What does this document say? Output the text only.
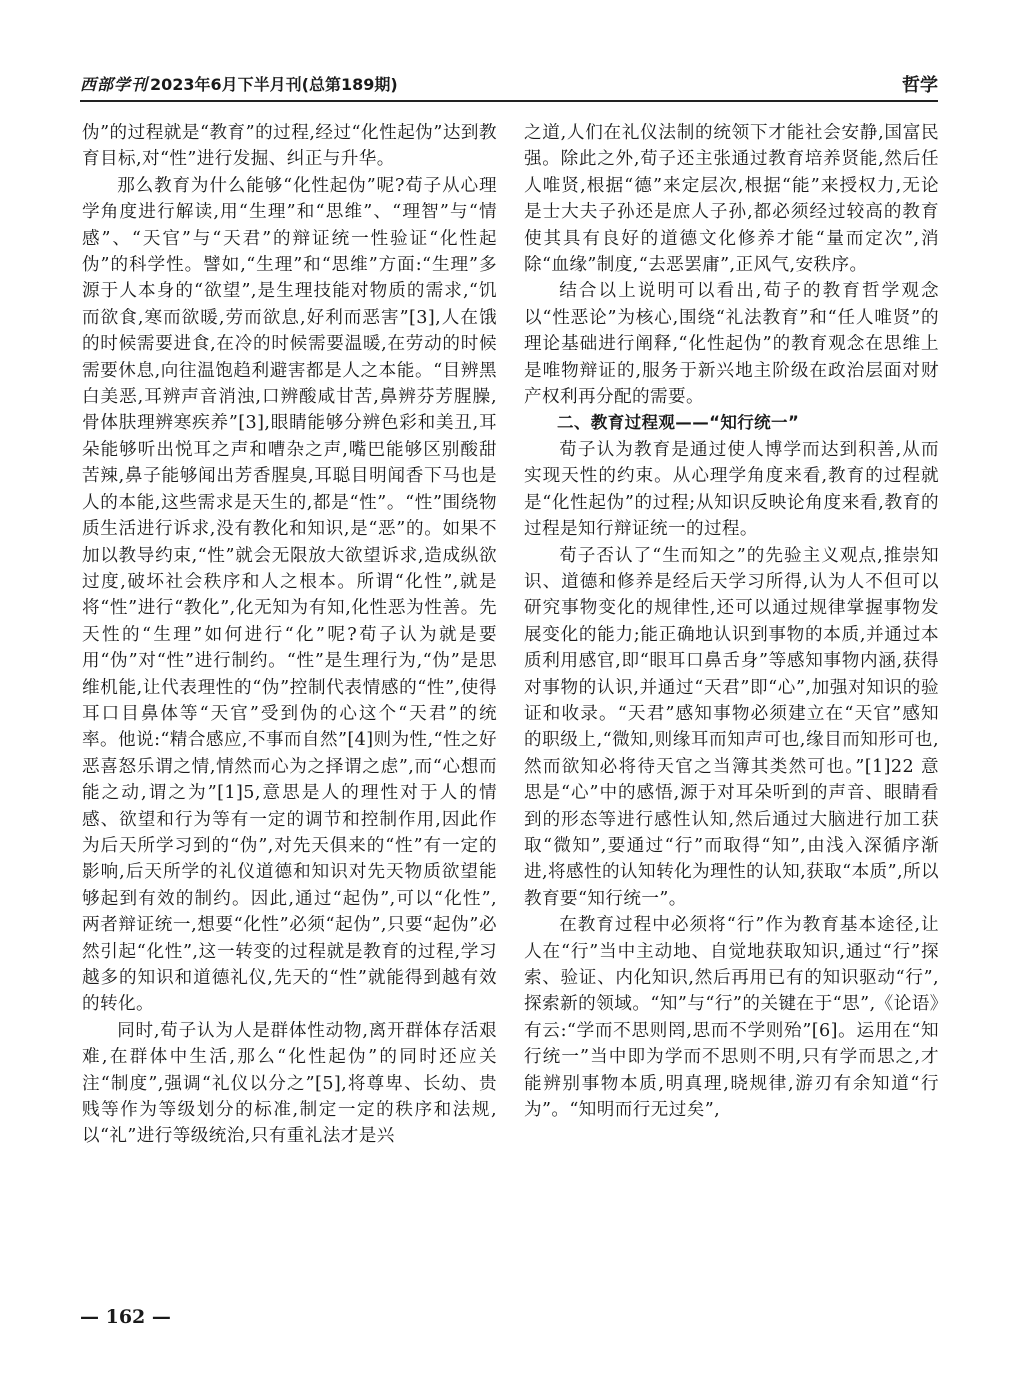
西部学刊 2023年6月下半月刊(总第189期)	哲学

伪”的过程就是“教育”的过程,经过“化性起伪”达到教育目标,对“性”进行发掘、纠正与升华。

那么教育为什么能够“化性起伪”呢?荀子从心理学角度进行解读,用“生理”和“思维”、“理智”与“情感”、“天官”与“天君”的辩证统一性验证“化性起伪”的科学性。譬如,“生理”和“思维”方面:“生理”多源于人本身的“欲望”,是生理技能对物质的需求,“饥而欲食,寒而欲暖,劳而欲息,好利而恶害”[3],人在饿的时候需要进食,在冷的时候需要温暖,在劳动的时候需要休息,向往温饱趋利避害都是人之本能。“目辨黑白美恶,耳辨声音消浊,口辨酸咸甘苦,鼻辨芬芳腥臊,骨体肤理辨寒疾养”[3],眼睛能够分辨色彩和美丑,耳朵能够听出悦耳之声和嘈杂之声,嘴巴能够区别酸甜苦辣,鼻子能够闻出芳香腥臭,耳聪目明闻香下马也是人的本能,这些需求是天生的,都是“性”。“性”围绕物质生活进行诉求,没有教化和知识,是“恶”的。如果不加以教导约束,“性”就会无限放大欲望诉求,造成纵欲过度,破坏社会秩序和人之根本。所谓“化性”,就是将“性”进行“教化”,化无知为有知,化性恶为性善。先天性的“生理”如何进行“化”呢?荀子认为就是要用“伪”对“性”进行制约。“性”是生理行为,“伪”是思维机能,让代表理性的“伪”控制代表情感的“性”,使得耳口目鼻体等“天官”受到伪的心这个“天君”的统率。他说:“精合感应,不事而自然”[4]则为性,“性之好恶喜怒乐谓之情,情然而心为之择谓之虑”,而“心想而能之动,谓之为”[1]5,意思是人的理性对于人的情感、欲望和行为等有一定的调节和控制作用,因此作为后天所学习到的“伪”,对先天俱来的“性”有一定的影响,后天所学的礼仪道德和知识对先天物质欲望能够起到有效的制约。因此,通过“起伪”,可以“化性”,两者辩证统一,想要“化性”必须“起伪”,只要“起伪”必然引起“化性”,这一转变的过程就是教育的过程,学习越多的知识和道德礼仪,先天的“性”就能得到越有效的转化。

同时,荀子认为人是群体性动物,离开群体存活艰难,在群体中生活,那么“化性起伪”的同时还应关注“制度”,强调“礼仪以分之”[5],将尊卑、长幼、贵贱等作为等级划分的标准,制定一定的秩序和法规,以“礼”进行等级统治,只有重礼法才是兴

之道,人们在礼仪法制的统领下才能社会安静,国富民强。除此之外,荀子还主张通过教育培养贤能,然后任人唯贤,根据“德”来定层次,根据“能”来授权力,无论是士大夫子孙还是庶人子孙,都必须经过较高的教育使其具有良好的道德文化修养才能“量而定次”,消除“血缘”制度,“去恶罢庸”,正风气,安秩序。

结合以上说明可以看出,荀子的教育哲学观念以“性恶论”为核心,围绕“礼法教育”和“任人唯贤”的理论基础进行阐释,“化性起伪”的教育观念在思维上是唯物辩证的,服务于新兴地主阶级在政治层面对财产权利再分配的需要。

二、教育过程观——“知行统一”

荀子认为教育是通过使人博学而达到积善,从而实现天性的约束。从心理学角度来看,教育的过程就是“化性起伪”的过程;从知识反映论角度来看,教育的过程是知行辩证统一的过程。

荀子否认了“生而知之”的先验主义观点,推崇知识、道德和修养是经后天学习所得,认为人不但可以研究事物变化的规律性,还可以通过规律掌握事物发展变化的能力;能正确地认识到事物的本质,并通过本质利用感官,即“眼耳口鼻舌身”等感知事物内涵,获得对事物的认识,并通过“天君”即“心”,加强对知识的验证和收录。“天君”感知事物必须建立在“天官”感知的职级上,“微知,则缘耳而知声可也,缘目而知形可也,然而欲知必将待天官之当簿其类然可也。”[1]22 意思是“心”中的感悟,源于对耳朵听到的声音、眼睛看到的形态等进行感性认知,然后通过大脑进行加工获取“微知”,要通过“行”而取得“知”,由浅入深循序渐进,将感性的认知转化为理性的认知,获取“本质”,所以教育要“知行统一”。

在教育过程中必须将“行”作为教育基本途径,让人在“行”当中主动地、自觉地获取知识,通过“行”探索、验证、内化知识,然后再用已有的知识驱动“行”,探索新的领域。“知”与“行”的关键在于“思”,《论语》有云:“学而不思则罔,思而不学则殆”[6]。运用在“知行统一”当中即为学而不思则不明,只有学而思之,才能辨别事物本质,明真理,晓规律,游刃有余知道“行为”。“知明而行无过矣”,

— 162 —
